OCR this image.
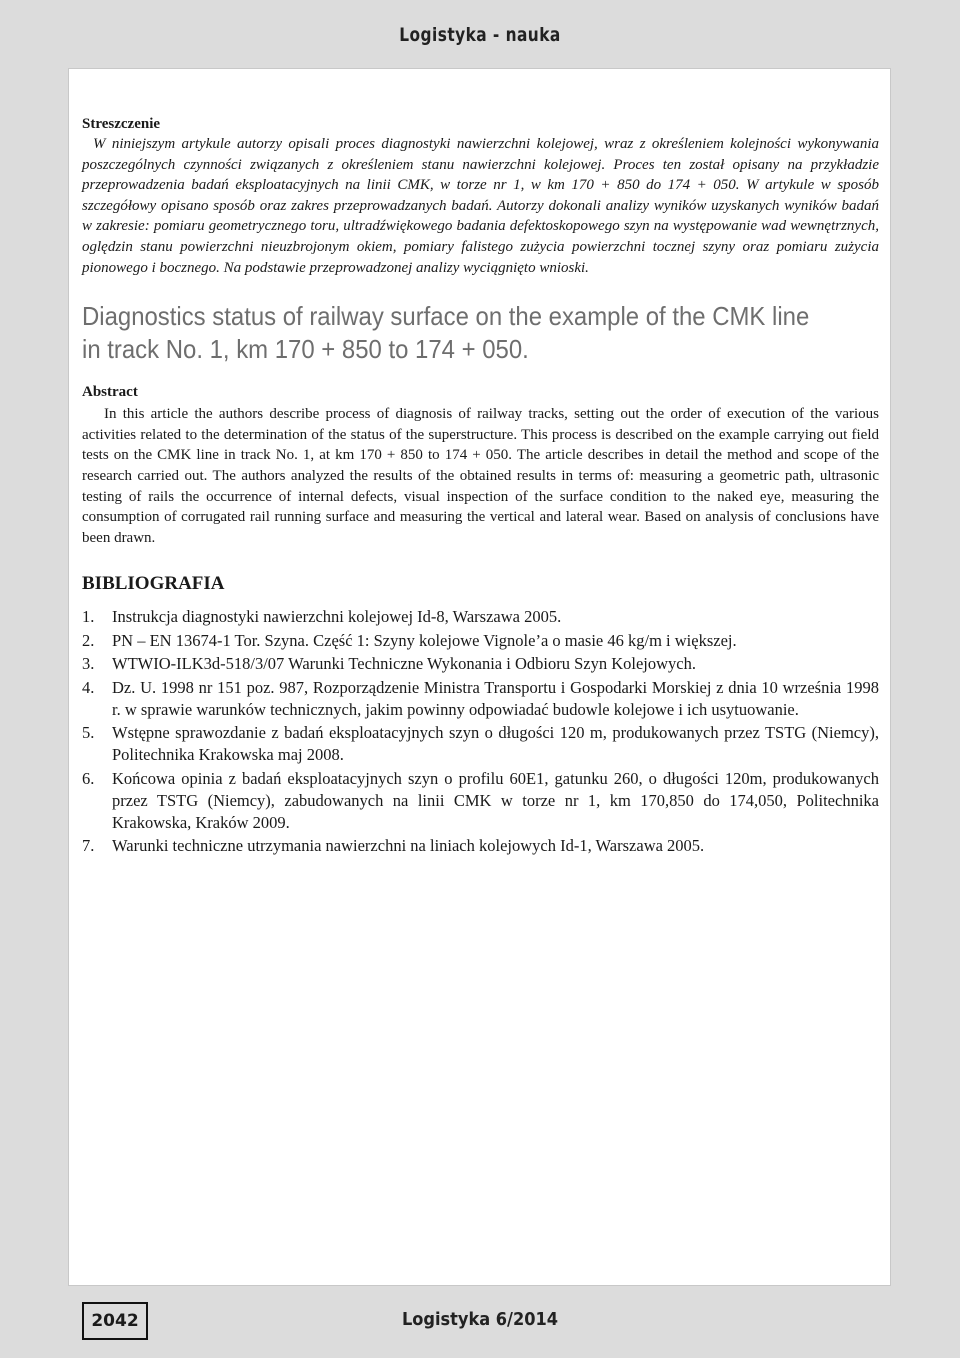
Logistyka - nauka
Streszczenie

W niniejszym artykule autorzy opisali proces diagnostyki nawierzchni kolejowej, wraz z określeniem kolejności wykonywania poszczególnych czynności związanych z określeniem stanu nawierzchni kolejowej. Proces ten został opisany na przykładzie przeprowadzenia badań eksploatacyjnych na linii CMK, w torze nr 1, w km 170 + 850 do 174 + 050. W artykule w sposób szczegółowy opisano sposób oraz zakres przeprowadzanych badań. Autorzy dokonali analizy wyników uzyskanych wyników badań w zakresie: pomiaru geometrycznego toru, ultradźwiękowego badania defektoskopowego szyn na występowanie wad wewnętrznych, oględzin stanu powierzchni nieuzbrojonym okiem, pomiary falistego zużycia powierzchni tocznej szyny oraz pomiaru zużycia pionowego i bocznego. Na podstawie przeprowadzonej analizy wyciągnięto wnioski.

Diagnostics status of railway surface on the example of the CMK line
in track No. 1, km 170 + 850 to 174 + 050.
Abstract

In this article the authors describe process of diagnosis of railway tracks, setting out the order of execution of the various activities related to the determination of the status of the superstructure. This process is described on the example carrying out field tests on the CMK line in track No. 1, at km 170 + 850 to 174 + 050. The article describes in detail the method and scope of the research carried out. The authors analyzed the results of the obtained results in terms of: measuring a geometric path, ultrasonic testing of rails the occurrence of internal defects, visual inspection of the surface condition to the naked eye, measuring the consumption of corrugated rail running surface and measuring the vertical and lateral wear. Based on analysis of conclusions have been drawn.

BIBLIOGRAFIA
1. Instrukcja diagnostyki nawierzchni kolejowej Id-8, Warszawa 2005.
2. PN – EN 13674-1 Tor. Szyna. Część 1: Szyny kolejowe Vignole’a o masie 46 kg/m i większej.
3. WTWIO-ILK3d-518/3/07 Warunki Techniczne Wykonania i Odbioru Szyn Kolejowych.
4. Dz. U. 1998 nr 151 poz. 987, Rozporządzenie Ministra Transportu i Gospodarki Morskiej z dnia 10 września 1998 r. w sprawie warunków technicznych, jakim powinny odpowiadać budowle kolejowe i ich usytuowanie.
5. Wstępne sprawozdanie z badań eksploatacyjnych szyn o długości 120 m, produkowanych przez TSTG (Niemcy), Politechnika Krakowska maj 2008.
6. Końcowa opinia z badań eksploatacyjnych szyn o profilu 60E1, gatunku 260, o długości 120m, produkowanych przez TSTG (Niemcy), zabudowanych na linii CMK w torze nr 1, km 170,850 do 174,050, Politechnika Krakowska, Kraków 2009.
7. Warunki techniczne utrzymania nawierzchni na liniach kolejowych Id-1, Warszawa 2005.
2042	Logistyka 6/2014
